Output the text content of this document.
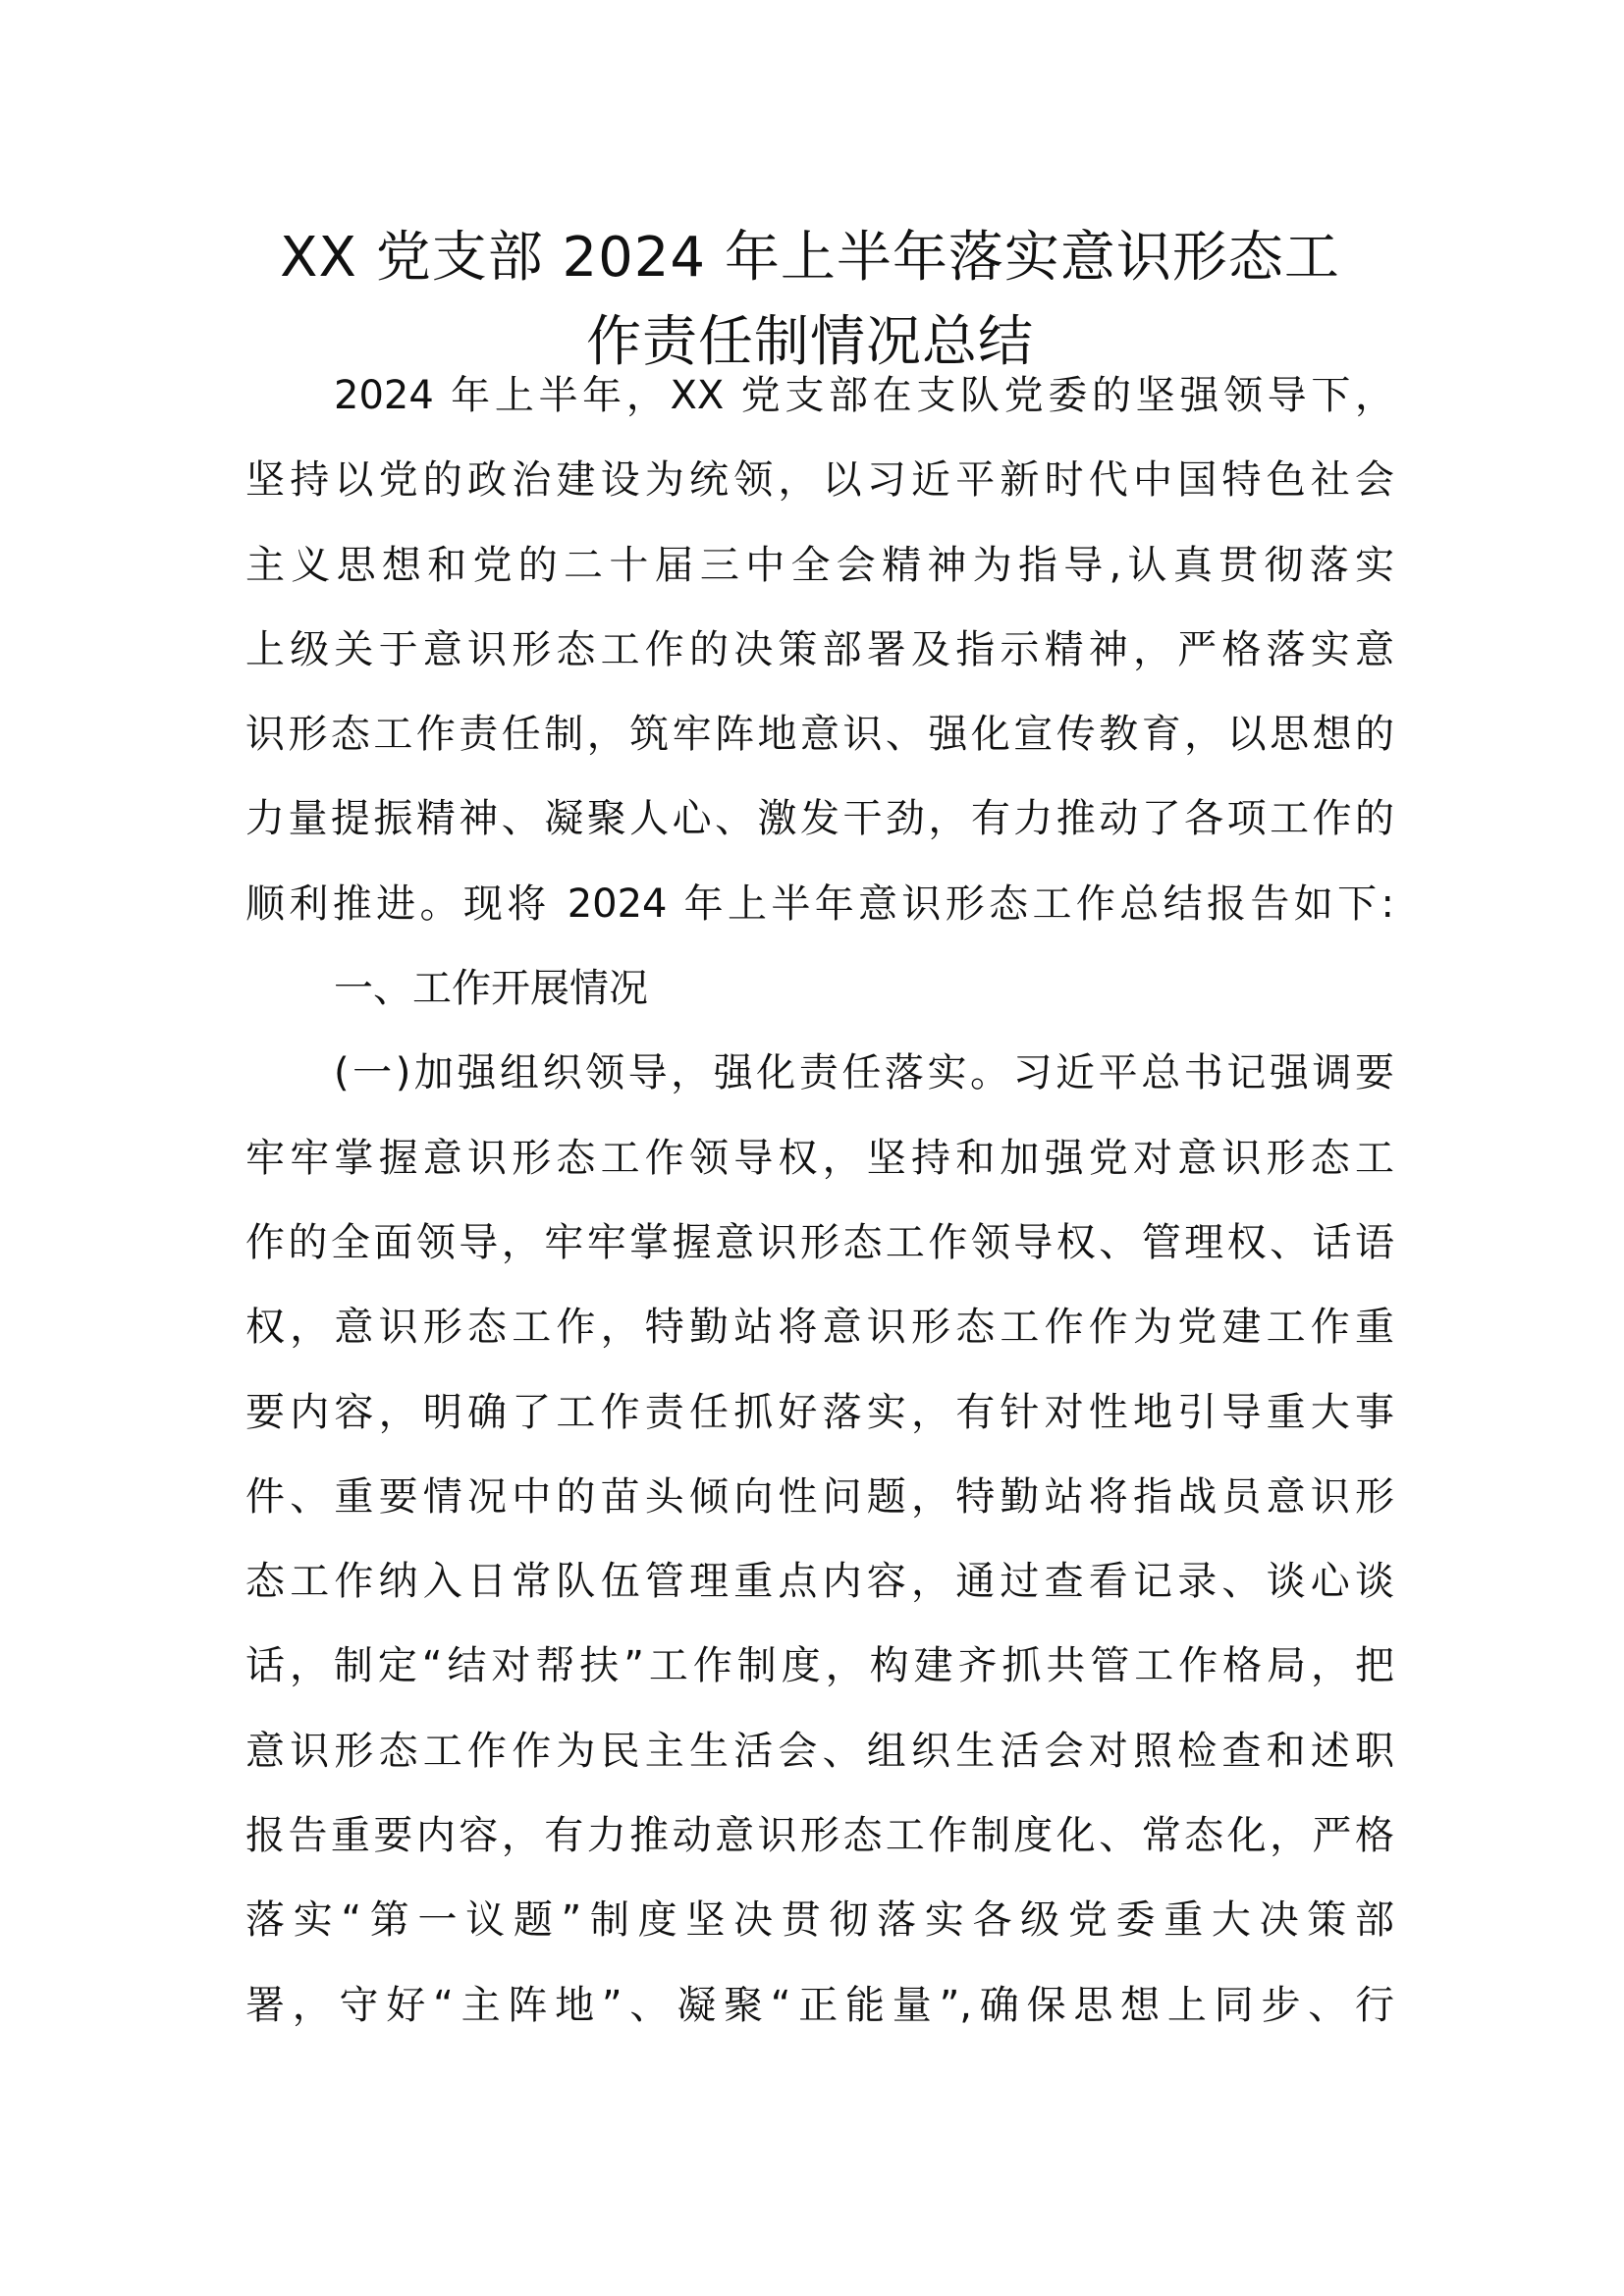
XX 党支部 2024 年上半年落实意识形态工
作责任制情况总结
2024 年上半年，XX 党支部在支队党委的坚强领导下，
坚持以党的政治建设为统领，以习近平新时代中国特色社会
主义思想和党的二十届三中全会精神为指导,认真贯彻落实
上级关于意识形态工作的决策部署及指示精神，严格落实意
识形态工作责任制，筑牢阵地意识、强化宣传教育，以思想的
力量提振精神、凝聚人心、激发干劲，有力推动了各项工作的
顺利推进。现将 2024 年上半年意识形态工作总结报告如下:
一、工作开展情况
(一)加强组织领导，强化责任落实。习近平总书记强调要
牢牢掌握意识形态工作领导权，坚持和加强党对意识形态工
作的全面领导，牢牢掌握意识形态工作领导权、管理权、话语
权，意识形态工作，特勤站将意识形态工作作为党建工作重
要内容，明确了工作责任抓好落实，有针对性地引导重大事
件、重要情况中的苗头倾向性问题，特勤站将指战员意识形
态工作纳入日常队伍管理重点内容，通过查看记录、谈心谈
话，制定“结对帮扶”工作制度，构建齐抓共管工作格局，把
意识形态工作作为民主生活会、组织生活会对照检查和述职
报告重要内容，有力推动意识形态工作制度化、常态化，严格
落实“第一议题”制度坚决贯彻落实各级党委重大决策部
署，守好“主阵地”、凝聚“正能量”,确保思想上同步、行
